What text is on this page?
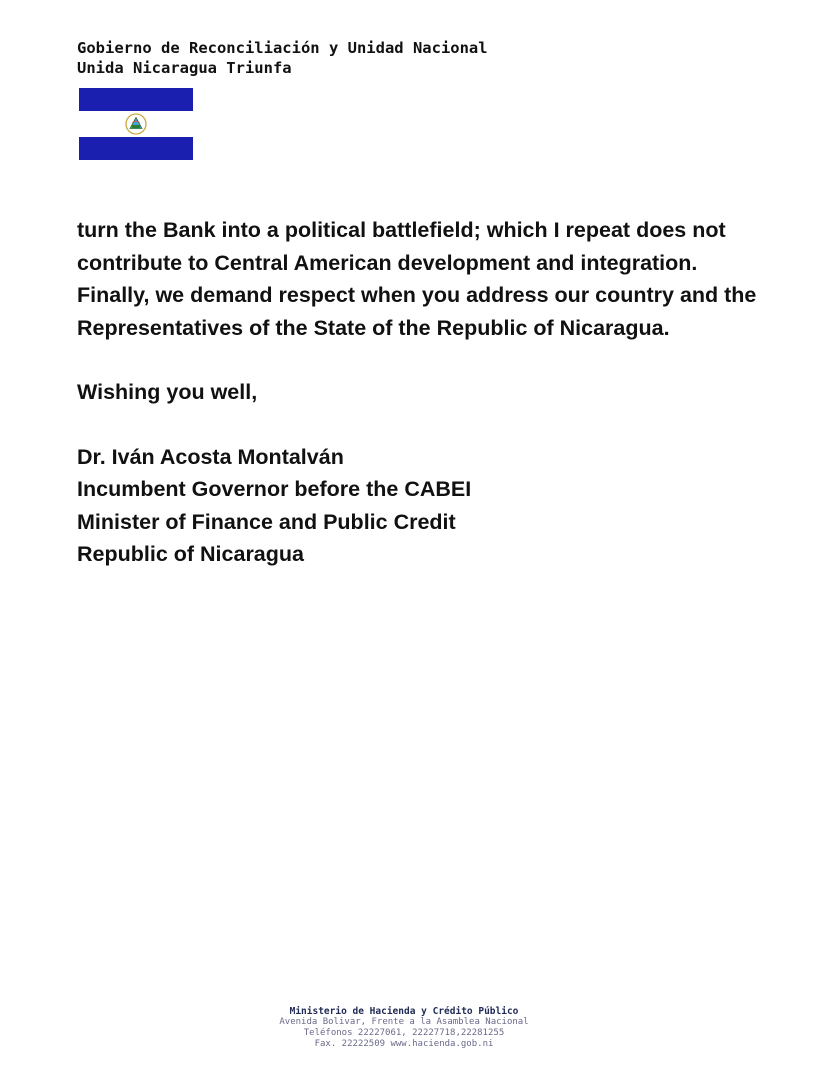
Gobierno de Reconciliación y Unidad Nacional
Unida Nicaragua Triunfa

turn the Bank into a political battlefield; which I repeat does not contribute to Central American development and integration. Finally, we demand respect when you address our country and the Representatives of the State of the Republic of Nicaragua.

Wishing you well,

Dr. Iván Acosta Montalván

Incumbent Governor before the CABEI

Minister of Finance and Public Credit

Republic of Nicaragua

Ministerio de Hacienda y Crédito Público
Avenida Bolivar, Frente a la Asamblea Nacional
Teléfonos 22227061, 22227718,22281255
Fax. 22222509 www.hacienda.gob.ni
